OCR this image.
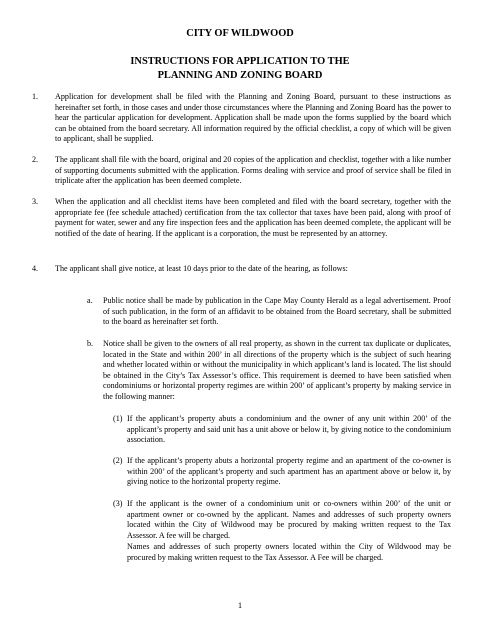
CITY OF WILDWOOD

INSTRUCTIONS FOR APPLICATION TO THE

PLANNING AND ZONING BOARD

1. Application for development shall be filed with the Planning and Zoning Board, pursuant to these instructions as hereinafter set forth, in those cases and under those circumstances where the Planning and Zoning Board has the power to hear the particular application for development. Application shall be made upon the forms supplied by the board which can be obtained from the board secretary. All information required by the official checklist, a copy of which will be given to applicant, shall be supplied.
2. The applicant shall file with the board, original and 20 copies of the application and checklist, together with a like number of supporting documents submitted with the application. Forms dealing with service and proof of service shall be filed in triplicate after the application has been deemed complete.
3. When the application and all checklist items have been completed and filed with the board secretary, together with the appropriate fee (fee schedule attached) certification from the tax collector that taxes have been paid, along with proof of payment for water, sewer and any fire inspection fees and the application has been deemed complete, the applicant will be notified of the date of hearing. If the applicant is a corporation, the must be represented by an attorney.
4. The applicant shall give notice, at least 10 days prior to the date of the hearing, as follows:
a. Public notice shall be made by publication in the Cape May County Herald as a legal advertisement. Proof of such publication, in the form of an affidavit to be obtained from the Board secretary, shall be submitted to the board as hereinafter set forth.
b. Notice shall be given to the owners of all real property, as shown in the current tax duplicate or duplicates, located in the State and within 200’ in all directions of the property which is the subject of such hearing and whether located within or without the municipality in which applicant’s land is located. The list should be obtained in the City’s Tax Assessor’s office. This requirement is deemed to have been satisfied when condominiums or horizontal property regimes are within 200’ of applicant’s property by making service in the following manner:
(1) If the applicant’s property abuts a condominium and the owner of any unit within 200’ of the applicant’s property and said unit has a unit above or below it, by giving notice to the condominium association.
(2) If the applicant’s property abuts a horizontal property regime and an apartment of the co-owner is within 200’ of the applicant’s property and such apartment has an apartment above or below it, by giving notice to the horizontal property regime.
(3) If the applicant is the owner of a condominium unit or co-owners within 200’ of the unit or apartment owner or co-owned by the applicant. Names and addresses of such property owners located within the City of Wildwood may be procured by making written request to the Tax Assessor. A fee will be charged.
Names and addresses of such property owners located within the City of Wildwood may be procured by making written request to the Tax Assessor. A Fee will be charged.
1
